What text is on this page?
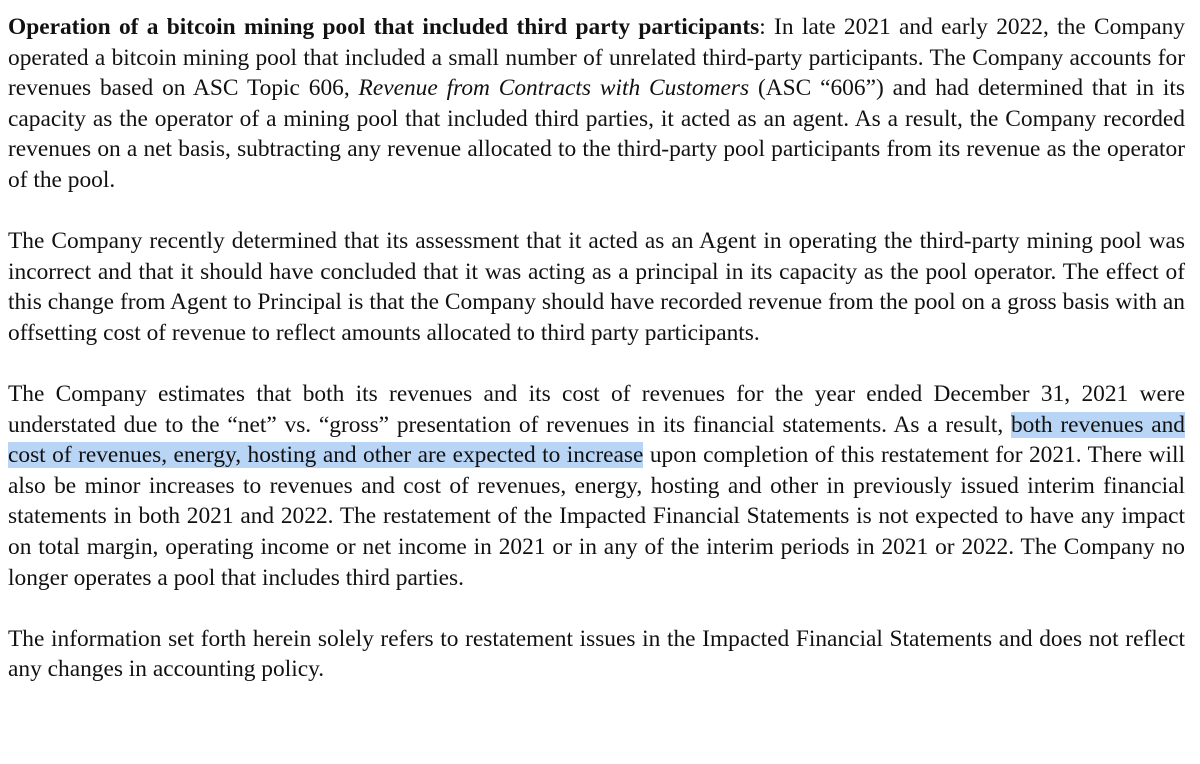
Operation of a bitcoin mining pool that included third party participants: In late 2021 and early 2022, the Company operated a bitcoin mining pool that included a small number of unrelated third-party participants. The Company accounts for revenues based on ASC Topic 606, Revenue from Contracts with Customers (ASC “606”) and had determined that in its capacity as the operator of a mining pool that included third parties, it acted as an agent. As a result, the Company recorded revenues on a net basis, subtracting any revenue allocated to the third-party pool participants from its revenue as the operator of the pool.

The Company recently determined that its assessment that it acted as an Agent in operating the third-party mining pool was incorrect and that it should have concluded that it was acting as a principal in its capacity as the pool operator. The effect of this change from Agent to Principal is that the Company should have recorded revenue from the pool on a gross basis with an offsetting cost of revenue to reflect amounts allocated to third party participants.

The Company estimates that both its revenues and its cost of revenues for the year ended December 31, 2021 were understated due to the “net” vs. “gross” presentation of revenues in its financial statements. As a result, both revenues and cost of revenues, energy, hosting and other are expected to increase upon completion of this restatement for 2021. There will also be minor increases to revenues and cost of revenues, energy, hosting and other in previously issued interim financial statements in both 2021 and 2022. The restatement of the Impacted Financial Statements is not expected to have any impact on total margin, operating income or net income in 2021 or in any of the interim periods in 2021 or 2022. The Company no longer operates a pool that includes third parties.

The information set forth herein solely refers to restatement issues in the Impacted Financial Statements and does not reflect any changes in accounting policy.
